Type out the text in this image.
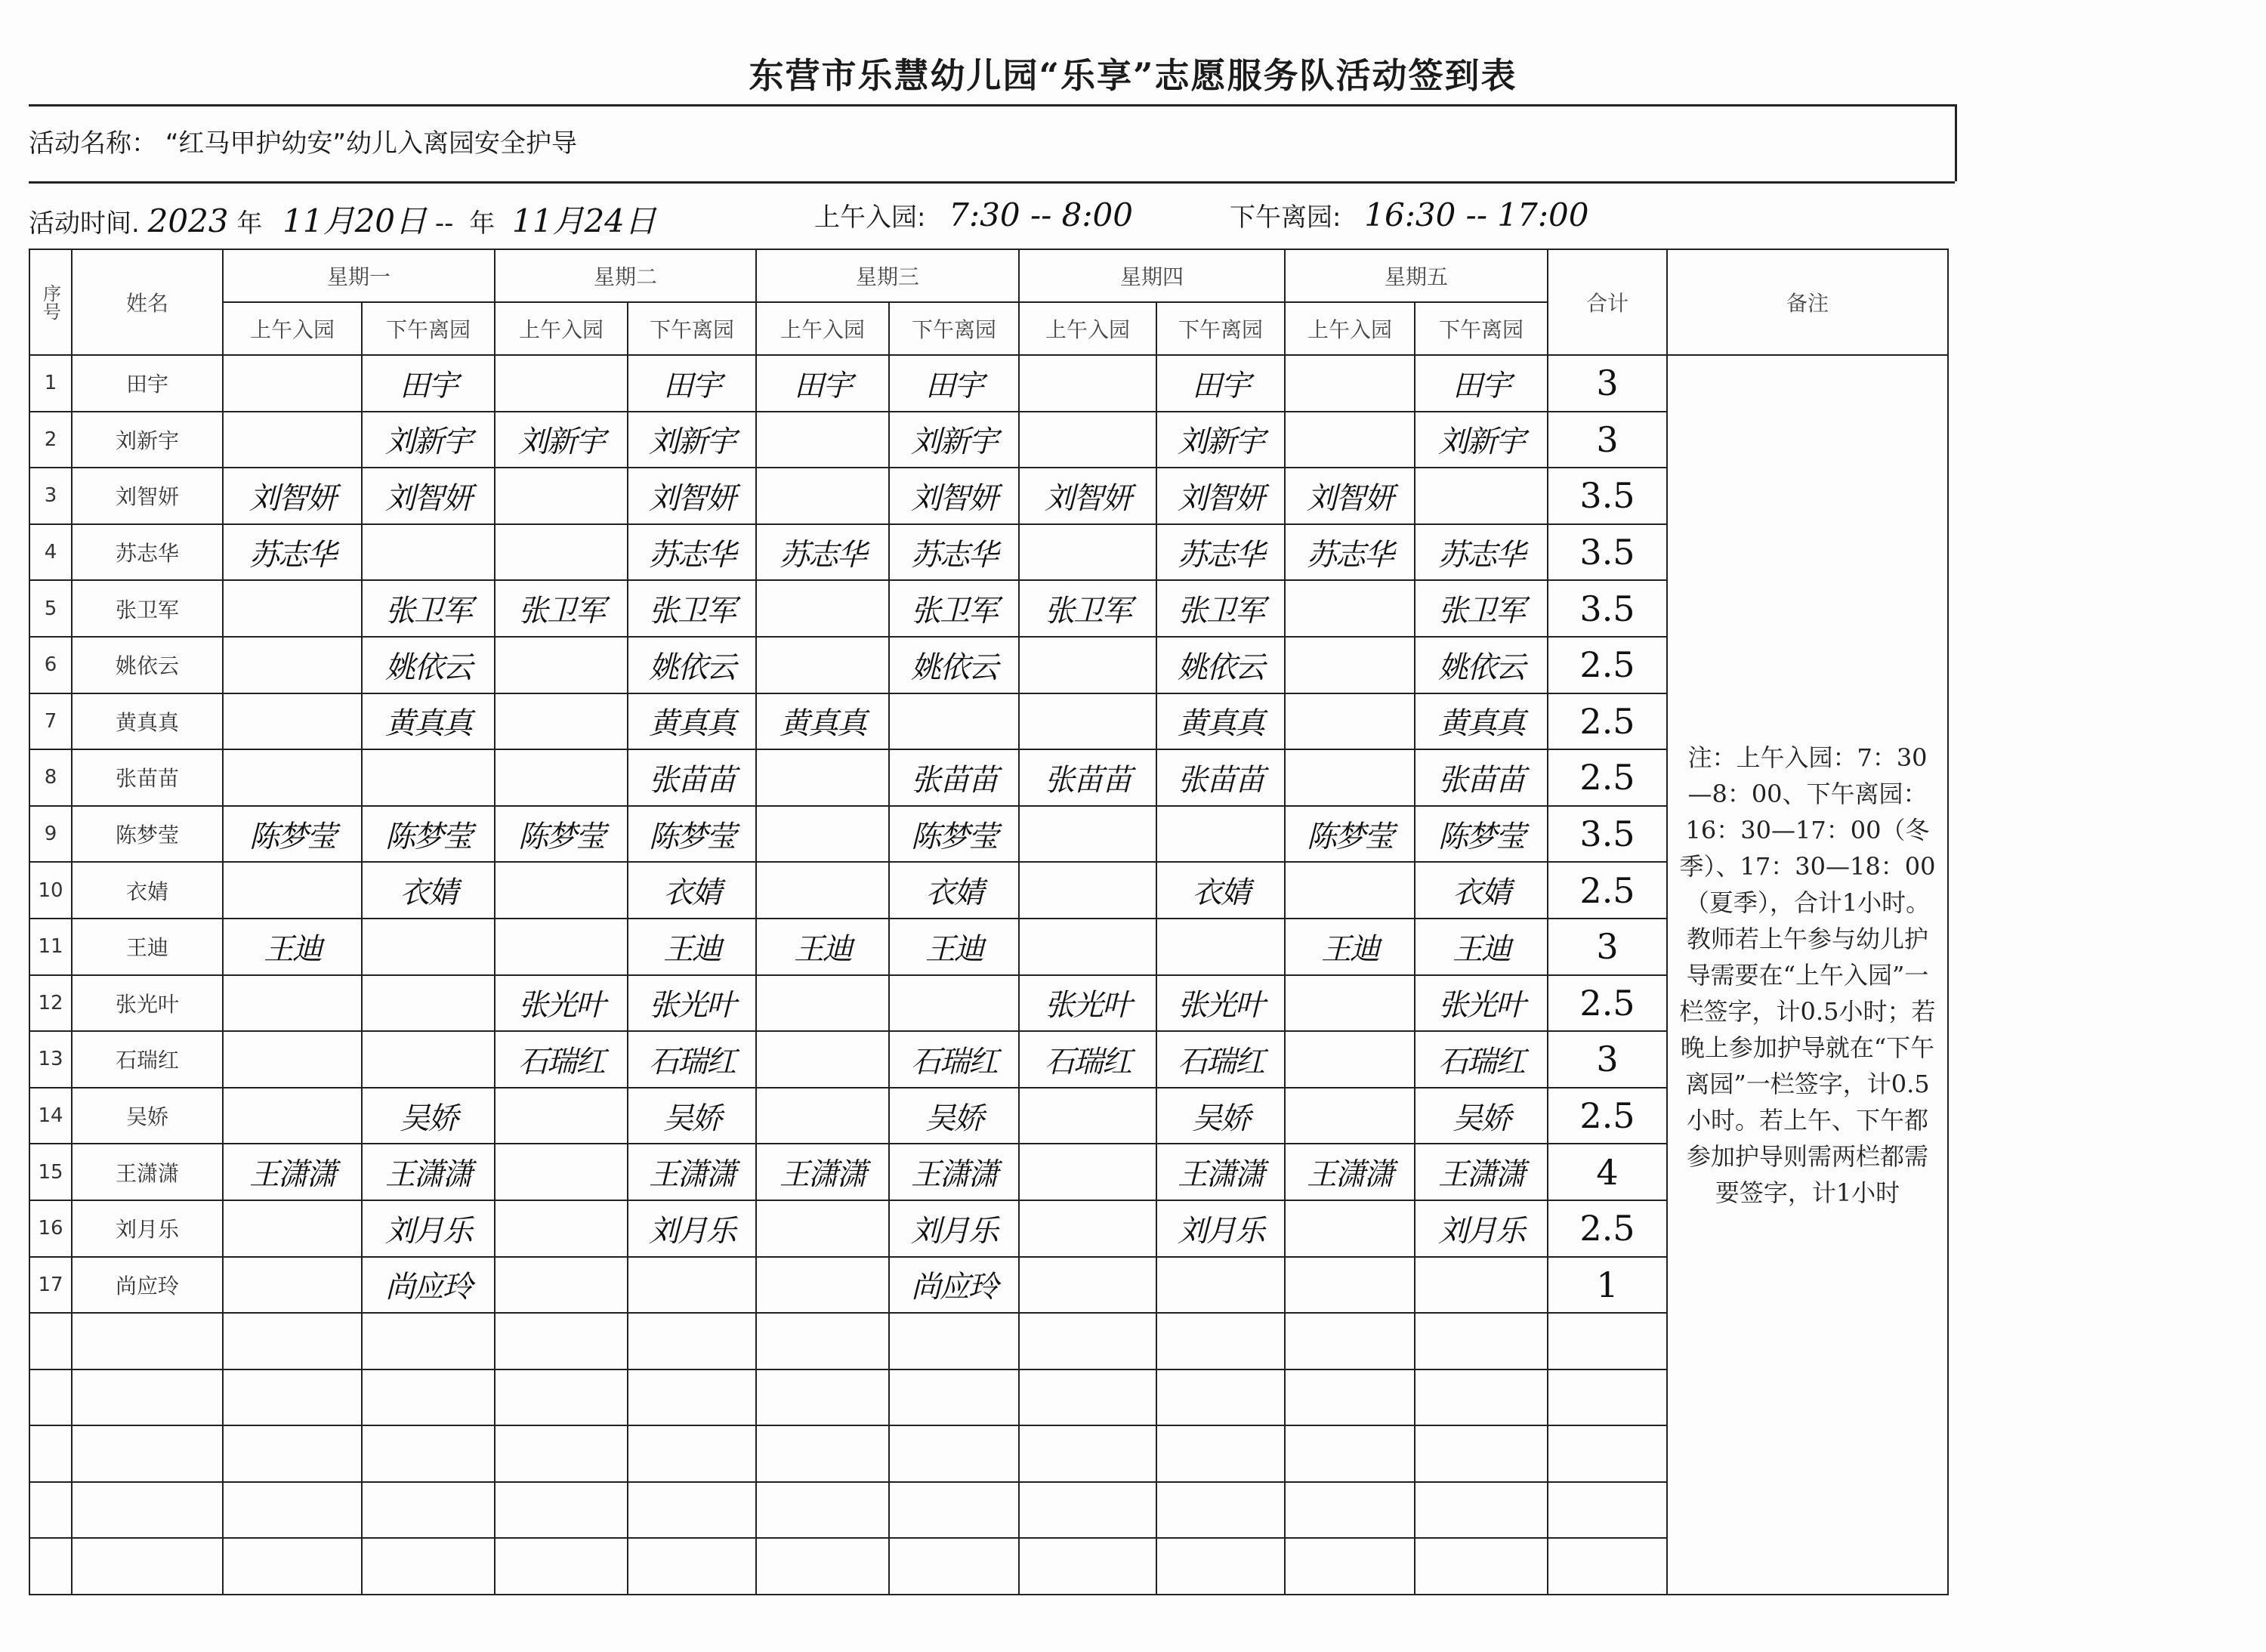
东营市乐慧幼儿园“乐享”志愿服务队活动签到表
活动名称： “红马甲护幼安”幼儿入离园安全护导
活动时间. 2023 年 11月20日 -- 年 11月24日	上午入园: 7:30 -- 8:00	下午离园: 16:30 -- 17:00
序号	姓名	星期一		星期二		星期三		星期四		星期五		合计	备注
		上午入园	下午离园	上午入园	下午离园	上午入园	下午离园	上午入园	下午离园	上午入园	下午离园		
1	田宇		田宇		田宇	田宇	田宇		田宇		田宇	3	注：上午入园：7：30—8：00、下午离园：16：30—17：00（冬季）、17：30—18：00（夏季），合计1小时。教师若上午参与幼儿护导需要在“上午入园”一栏签字，计0.5小时；若晚上参加护导就在“下午离园”一栏签字，计0.5小时。若上午、下午都参加护导则需两栏都需要签字，计1小时
2	刘新宇		刘新宇	刘新宇	刘新宇		刘新宇		刘新宇		刘新宇	3	
3	刘智妍	刘智妍	刘智妍		刘智妍		刘智妍	刘智妍	刘智妍	刘智妍		3.5	
4	苏志华	苏志华			苏志华	苏志华	苏志华		苏志华	苏志华	苏志华	3.5	
5	张卫军		张卫军	张卫军	张卫军		张卫军	张卫军	张卫军		张卫军	3.5	
6	姚依云		姚依云		姚依云		姚依云		姚依云		姚依云	2.5	
7	黄真真		黄真真		黄真真	黄真真			黄真真		黄真真	2.5	
8	张苗苗				张苗苗		张苗苗	张苗苗	张苗苗		张苗苗	2.5	
9	陈梦莹	陈梦莹	陈梦莹	陈梦莹	陈梦莹		陈梦莹			陈梦莹	陈梦莹	3.5	
10	衣婧		衣婧		衣婧		衣婧		衣婧		衣婧	2.5	
11	王迪	王迪			王迪	王迪	王迪			王迪	王迪	3	
12	张光叶			张光叶	张光叶			张光叶	张光叶		张光叶	2.5	
13	石瑞红			石瑞红	石瑞红		石瑞红	石瑞红	石瑞红		石瑞红	3	
14	吴娇		吴娇		吴娇		吴娇		吴娇		吴娇	2.5	
15	王潇潇	王潇潇	王潇潇		王潇潇	王潇潇	王潇潇		王潇潇	王潇潇	王潇潇	4	
16	刘月乐		刘月乐		刘月乐		刘月乐		刘月乐		刘月乐	2.5	
17	尚应玲		尚应玲				尚应玲					1	
